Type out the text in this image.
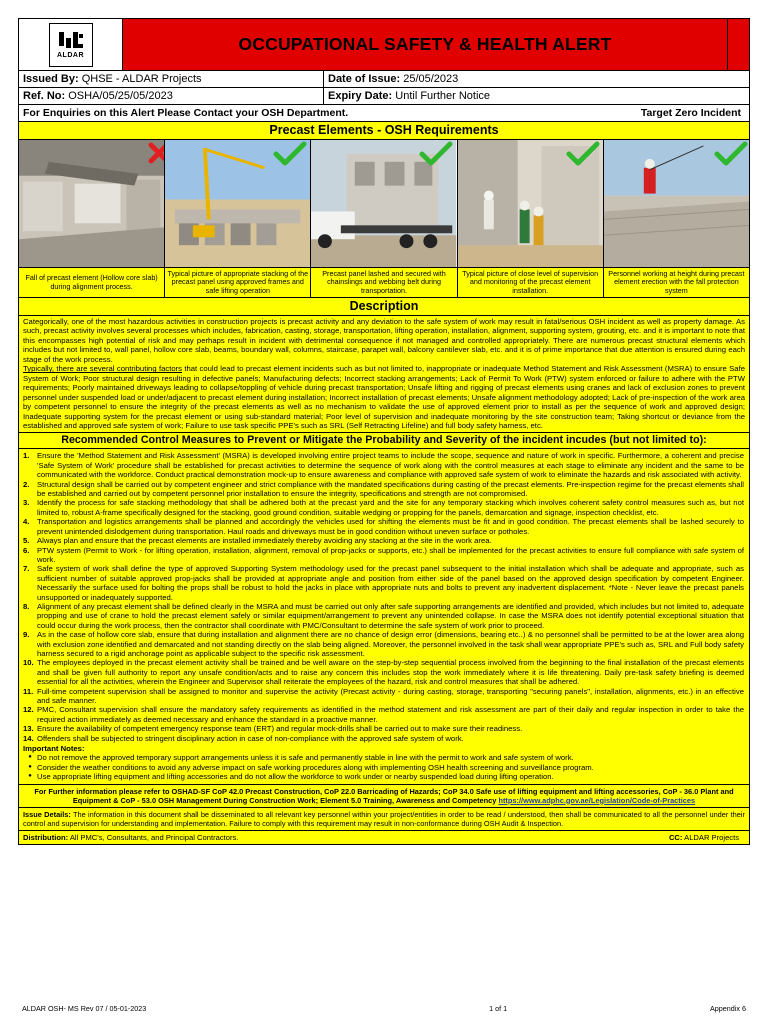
ALDAR
OCCUPATIONAL SAFETY & HEALTH ALERT
Issued By:
QHSE - ALDAR Projects	Date of Issue:
25/05/2023
Ref. No:
OSHA/05/25/05/2023	Expiry Date:
Until Further Notice
For Enquiries on this Alert Please Contact your OSH Department.	Target Zero Incident
Precast Elements - OSH Requirements
Fall of precast element (Hollow core slab) during alignment process.
Typical picture of appropriate stacking of the precast panel using approved frames and safe lifting operation
Precast panel lashed and secured with chainslings and webbing belt during transportation.
Typical picture of close level of supervision and monitoring of the precast element installation.
Personnel working at height during precast element erection with the fall protection system
Description

Categorically, one of the most hazardous activities in construction projects is precast activity and any deviation to the safe system of work may result in fatal/serious OSH incident as well as property damage. As such, precast activity involves several processes which includes, fabrication, casting, storage, transportation, lifting operation, installation, alignment, supporting system, grouting, etc. and it is important to note that this encompasses high potential of risk and may perhaps result in incident with detrimental consequence if not managed and controlled appropriately. There are numerous precast structural elements which includes but not limited to, wall panel, hollow core slab, beams, boundary wall, columns, staircase, parapet wall, balcony cantilever slab, etc. and it is of prime importance that due attention is ensured during each stage of the work process.

Typically, there are several contributing factors that could lead to precast element incidents such as but not limited to, inappropriate or inadequate Method Statement and Risk Assessment (MSRA) to ensure Safe System of Work; Poor structural design resulting in defective panels; Manufacturing defects; Incorrect stacking arrangements; Lack of Permit To Work (PTW) system enforced or failure to adhere with the PTW requirements; Poorly maintained driveways leading to collapse/toppling of vehicle during precast transportation; Unsafe lifting and rigging of precast elements using cranes and lack of exclusion zones to prevent personnel under suspended load or under/adjacent to precast element during installation; Incorrect installation of precast elements; Unsafe alignment methodology adopted; Lack of pre-inspection of the work area by competent personnel to ensure the integrity of the precast elements as well as no mechanism to validate the use of approved element prior to install as per the sequence of work and approved design; Inadequate supporting system for the precast element or using sub-standard material; Poor level of supervision and inadequate monitoring by the site construction team; Taking shortcut or deviance from the established and approved safe system of work; Failure to use task specific PPE's such as SRL (Self Retracting Lifeline) and full body safety harness, etc.

Recommended Control Measures to Prevent or Mitigate the Probability and Severity of the incident incudes (but not limited to):
1. Ensure the 'Method Statement and Risk Assessment' (MSRA) is developed involving entire project teams to include the scope, sequence and nature of work in specific. Furthermore, a coherent and precise 'Safe System of Work' procedure shall be established for precast activities to determine the sequence of work along with the control measures at each stage to eliminate any incident and the same to be communicated with the workforce. Conduct practical demonstration mock-up to ensure awareness and compliance with approved safe system of work to eliminate the hazards and risk associated with activity.
2. Structural design shall be carried out by competent engineer and strict compliance with the mandated specifications during casting of the precast elements. Pre-inspection regime for the precast elements shall be established and carried out by competent personnel prior installation to ensure the integrity, specifications and strength are not compromised.
3. Identify the process for safe stacking methodology that shall be adhered both at the precast yard and the site for any temporary stacking which involves coherent safety control measures such as, but not limited to, robust A-frame specifically designed for the stacking, good ground condition, suitable wedging or propping for the panels, demarcation and signage, inspection checklist, etc.
4. Transportation and logistics arrangements shall be planned and accordingly the vehicles used for shifting the elements must be fit and in good condition. The precast elements shall be lashed securely to prevent unintended dislodgement during transportation. Haul roads and driveways must be in good condition without uneven surface or potholes.
5. Always plan and ensure that the precast elements are installed immediately thereby avoiding any stacking at the site in the work area.
6. PTW system (Permit to Work - for lifting operation, installation, alignment, removal of prop-jacks or supports, etc.) shall be implemented for the precast activities to ensure full compliance with safe system of work.
7. Safe system of work shall define the type of approved Supporting System methodology used for the precast panel subsequent to the initial installation which shall be adequate and appropriate, such as sufficient number of suitable approved prop-jacks shall be provided at appropriate angle and position from either side of the panel based on the approved design specification by competent Engineer. Necessarily the surface used for bolting the props shall be robust to hold the jacks in place with appropriate nuts and bolts to prevent any inadvertent displacement. *Note - Never leave the precast panels unsupported or inadequately supported.
8. Alignment of any precast element shall be defined clearly in the MSRA and must be carried out only after safe supporting arrangements are identified and provided, which includes but not limited to, adequate propping and use of crane to hold the precast element safely or similar equipment/arrangement to prevent any unintended collapse. In case the MSRA does not identify potential exceptional situation that could occur during the work process, then the contractor shall coordinate with PMC/Consultant to determine the safe system of work prior to proceed.
9. As in the case of hollow core slab, ensure that during installation and alignment there are no chance of design error (dimensions, bearing etc..) & no personnel shall be permitted to be at the lower area along with exclusion zone identified and demarcated and not standing directly on the slab being aligned. Moreover, the personnel involved in the task shall wear appropriate PPE's such as, SRL and Full body safety harness secured to a rigid anchorage point as applicable subject to the specific risk assessment.
10. The employees deployed in the precast element activity shall be trained and be well aware on the step-by-step sequential process involved from the beginning to the final installation of the precast elements and shall be given full authority to report any unsafe condition/acts and to raise any concern this includes stop the work immediately where it is life threatening. Daily pre-task safety briefing is deemed essential for all the activities, wherein the Engineer and Supervisor shall reiterate the employees of the hazard, risk and control measures that shall be adhered.
11. Full-time competent supervision shall be assigned to monitor and supervise the activity (Precast activity - during casting, storage, transporting "securing panels", installation, alignments, etc.) in an effective and safe manner.
12. PMC, Consultant supervision shall ensure the mandatory safety requirements as identified in the method statement and risk assessment are part of their daily and regular inspection in order to take the required action immediately as deemed necessary and enhance the standard in a proactive manner.
13. Ensure the availability of competent emergency response team (ERT) and regular mock-drills shall be carried out to make sure their readiness.
14. Offenders shall be subjected to stringent disciplinary action in case of non-compliance with the approved safe system of work.
Important Notes:
● Do not remove the approved temporary support arrangements unless it is safe and permanently stable in line with the permit to work and safe system of work.
● Consider the weather conditions to avoid any adverse impact on safe working procedures along with implementing OSH health screening and surveillance program.
● Use appropriate lifting equipment and lifting accessories and do not allow the workforce to work under or nearby suspended load during lifting operation.
For Further information please refer to OSHAD-SF CoP 42.0 Precast Construction, CoP 22.0 Barricading of Hazards; CoP 34.0 Safe use of lifting equipment and lifting accessories, CoP - 36.0 Plant and Equipment & CoP - 53.0 OSH Management During Construction Work; Element 5.0 Training, Awareness and Competency https://www.adphc.gov.ae/Legislation/Code-of-Practices
Issue Details: The information in this document shall be disseminated to all relevant key personnel within your project/entities in order to be read / understood, then shall be communicated to all the personnel under their control and supervision for understanding and implementation. Failure to comply with this requirement may result in non-conformance during OSH Audit & Inspection.
Distribution: All PMC's, Consultants, and Principal Contractors.	CC: ALDAR Projects
ALDAR OSH- MS Rev 07 / 05-01-2023	1 of 1	Appendix 6
